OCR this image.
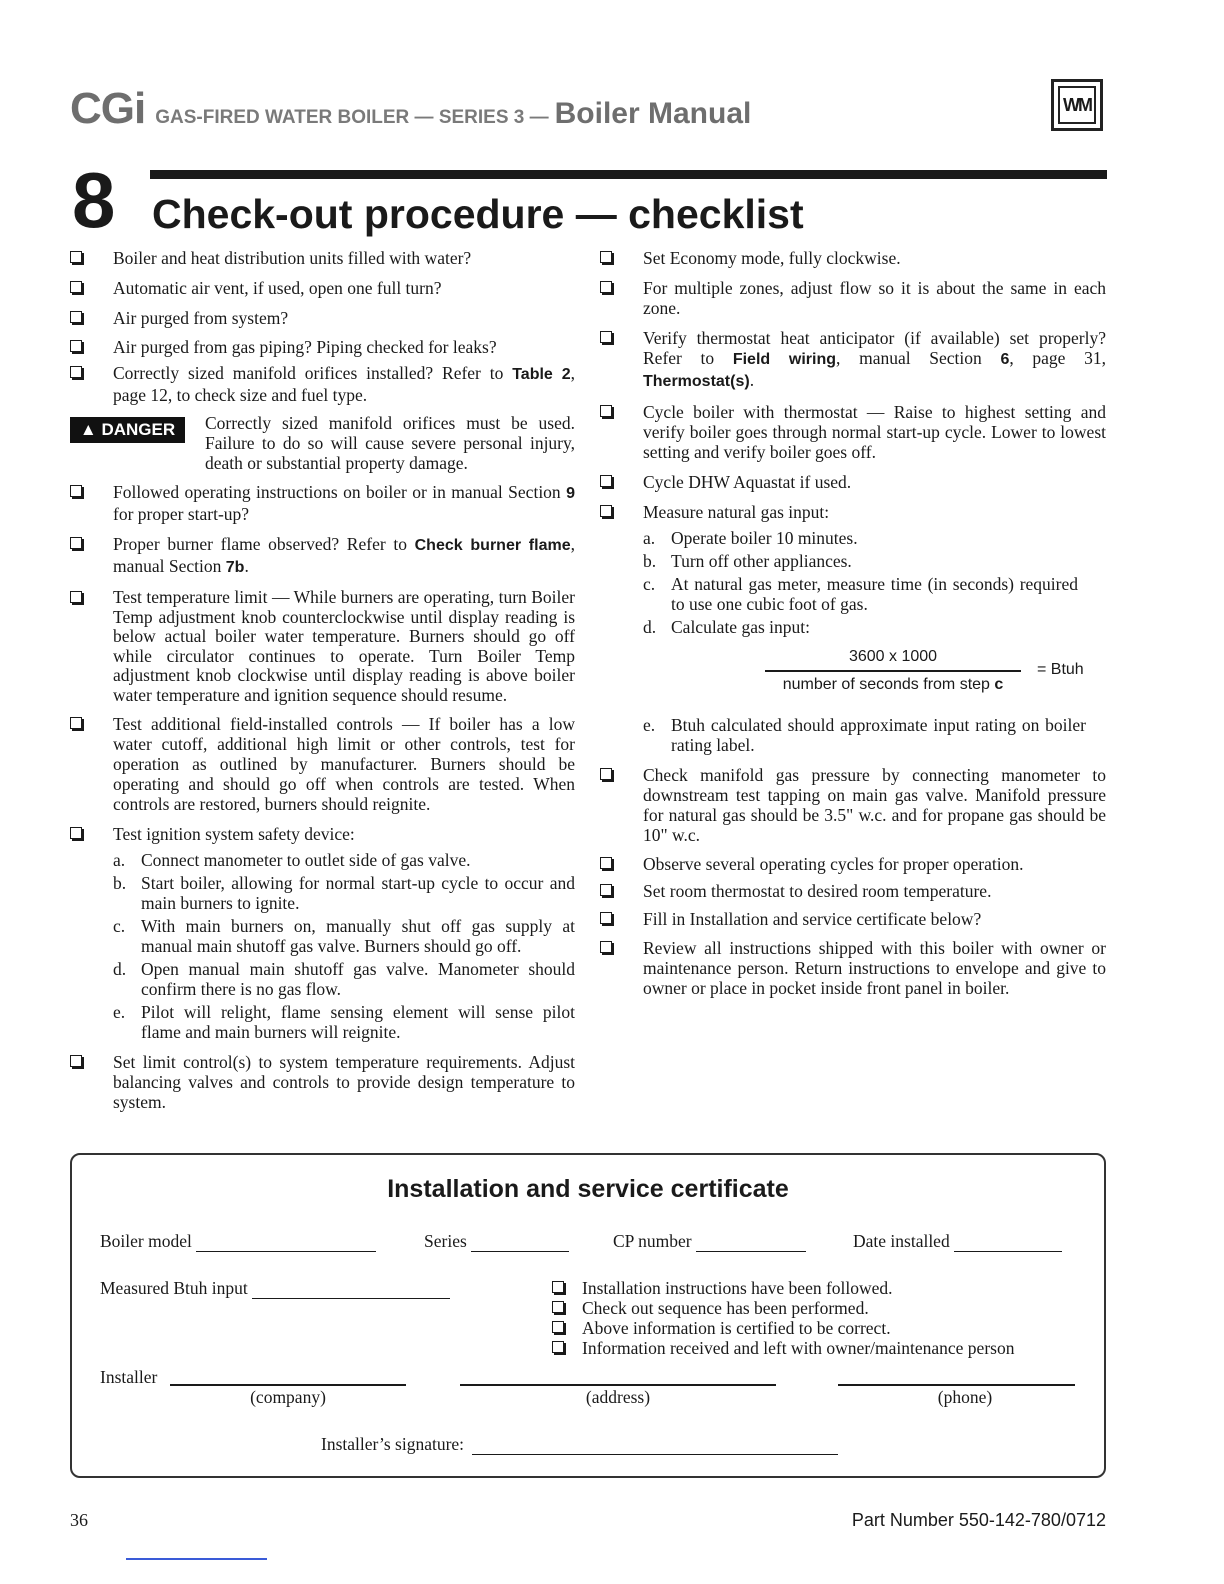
CGi GAS-FIRED WATER BOILER — SERIES 3 — Boiler Manual	WM
8 Check-out procedure — checklist
Boiler and heat distribution units filled with water?
Automatic air vent, if used, open one full turn?
Air purged from system?
Air purged from gas piping? Piping checked for leaks?
Correctly sized manifold orifices installed? Refer to Table 2, page 12, to check size and fuel type.
▲ DANGER	Correctly sized manifold orifices must be used. Failure to do so will cause severe personal injury, death or substantial property damage.
Followed operating instructions on boiler or in manual Section 9 for proper start-up?
Proper burner flame observed? Refer to Check burner flame, manual Section 7b.
Test temperature limit — While burners are operating, turn Boiler Temp adjustment knob counterclockwise until display reading is below actual boiler water temperature. Burners should go off while circulator continues to operate. Turn Boiler Temp adjustment knob clockwise until display reading is above boiler water temperature and ignition sequence should resume.
Test additional field-installed controls — If boiler has a low water cutoff, additional high limit or other controls, test for operation as outlined by manufacturer. Burners should be operating and should go off when controls are tested. When controls are restored, burners should reignite.
Test ignition system safety device:
a. Connect manometer to outlet side of gas valve.
b. Start boiler, allowing for normal start-up cycle to occur and main burners to ignite.
c. With main burners on, manually shut off gas supply at manual main shutoff gas valve. Burners should go off.
d. Open manual main shutoff gas valve. Manometer should confirm there is no gas flow.
e. Pilot will relight, flame sensing element will sense pilot flame and main burners will reignite.
Set limit control(s) to system temperature requirements. Adjust balancing valves and controls to provide design temperature to system.
Set Economy mode, fully clockwise.
For multiple zones, adjust flow so it is about the same in each zone.
Verify thermostat heat anticipator (if available) set properly? Refer to Field wiring, manual Section 6, page 31, Thermostat(s).
Cycle boiler with thermostat — Raise to highest setting and verify boiler goes through normal start-up cycle. Lower to lowest setting and verify boiler goes off.
Cycle DHW Aquastat if used.
Measure natural gas input:
a. Operate boiler 10 minutes.
b. Turn off other appliances.
c. At natural gas meter, measure time (in seconds) required to use one cubic foot of gas.
d. Calculate gas input:
3600 x 1000
number of seconds from step c
= Btuh
e. Btuh calculated should approximate input rating on boiler rating label.
Check manifold gas pressure by connecting manometer to downstream test tapping on main gas valve. Manifold pressure for natural gas should be 3.5" w.c. and for propane gas should be 10" w.c.
Observe several operating cycles for proper operation.
Set room thermostat to desired room temperature.
Fill in Installation and service certificate below?
Review all instructions shipped with this boiler with owner or maintenance person. Return instructions to envelope and give to owner or place in pocket inside front panel in boiler.
Installation and service certificate
Boiler model	Series	CP number	Date installed
Measured Btuh input	Installation instructions have been followed.
Check out sequence has been performed.
Above information is certified to be correct.
Information received and left with owner/maintenance person
Installer
(company)	(address)	(phone)
Installer’s signature:
36	Part Number 550-142-780/0712
